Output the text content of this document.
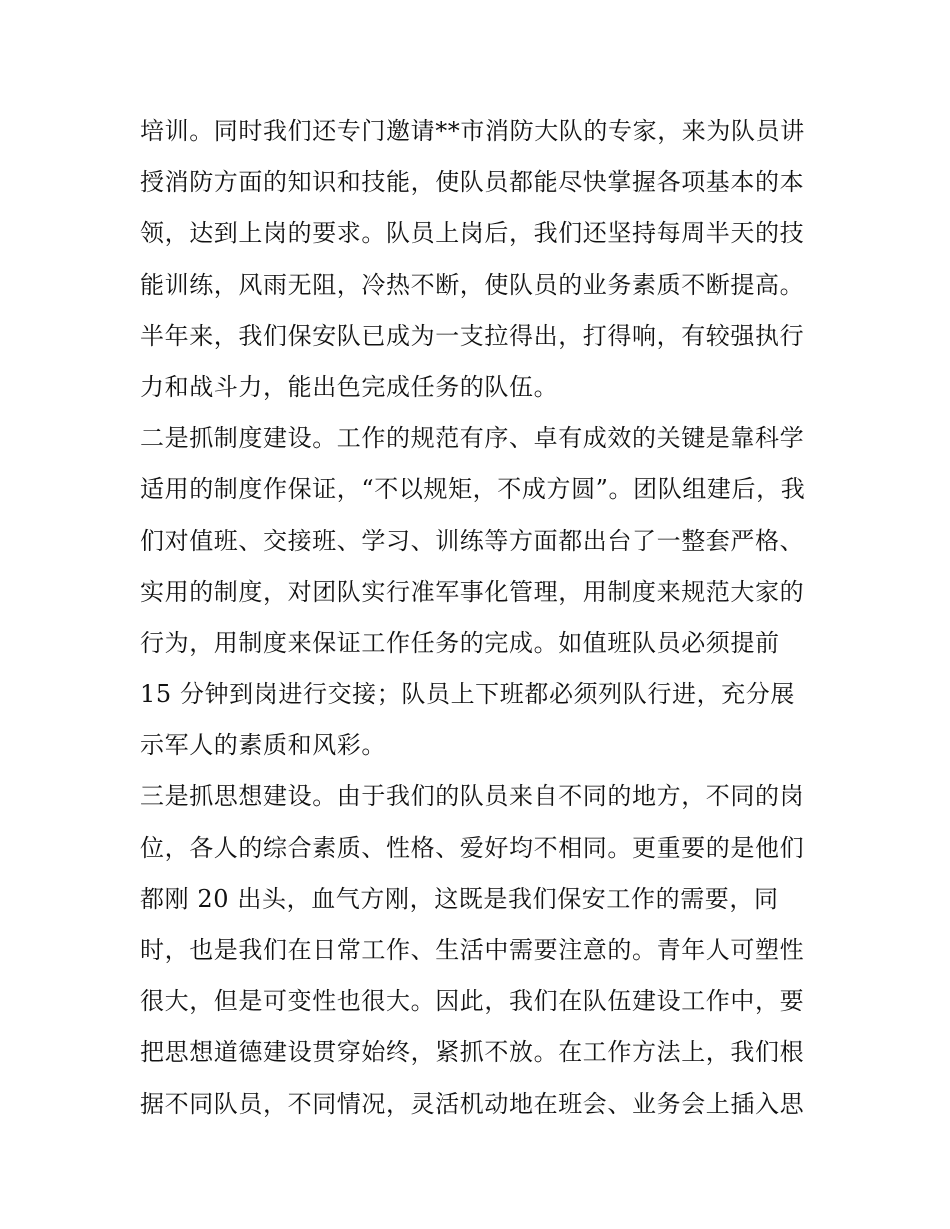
培训。同时我们还专门邀请**市消防大队的专家，来为队员讲
授消防方面的知识和技能，使队员都能尽快掌握各项基本的本
领，达到上岗的要求。队员上岗后，我们还坚持每周半天的技
能训练，风雨无阻，冷热不断，使队员的业务素质不断提高。
半年来，我们保安队已成为一支拉得出，打得响，有较强执行
力和战斗力，能出色完成任务的队伍。
二是抓制度建设。工作的规范有序、卓有成效的关键是靠科学
适用的制度作保证，“不以规矩，不成方圆”。团队组建后，我
们对值班、交接班、学习、训练等方面都出台了一整套严格、
实用的制度，对团队实行准军事化管理，用制度来规范大家的
行为，用制度来保证工作任务的完成。如值班队员必须提前
15 分钟到岗进行交接；队员上下班都必须列队行进，充分展
示军人的素质和风彩。
三是抓思想建设。由于我们的队员来自不同的地方，不同的岗
位，各人的综合素质、性格、爱好均不相同。更重要的是他们
都刚 20 出头，血气方刚，这既是我们保安工作的需要，同
时，也是我们在日常工作、生活中需要注意的。青年人可塑性
很大，但是可变性也很大。因此，我们在队伍建设工作中，要
把思想道德建设贯穿始终，紧抓不放。在工作方法上，我们根
据不同队员，不同情况，灵活机动地在班会、业务会上插入思
